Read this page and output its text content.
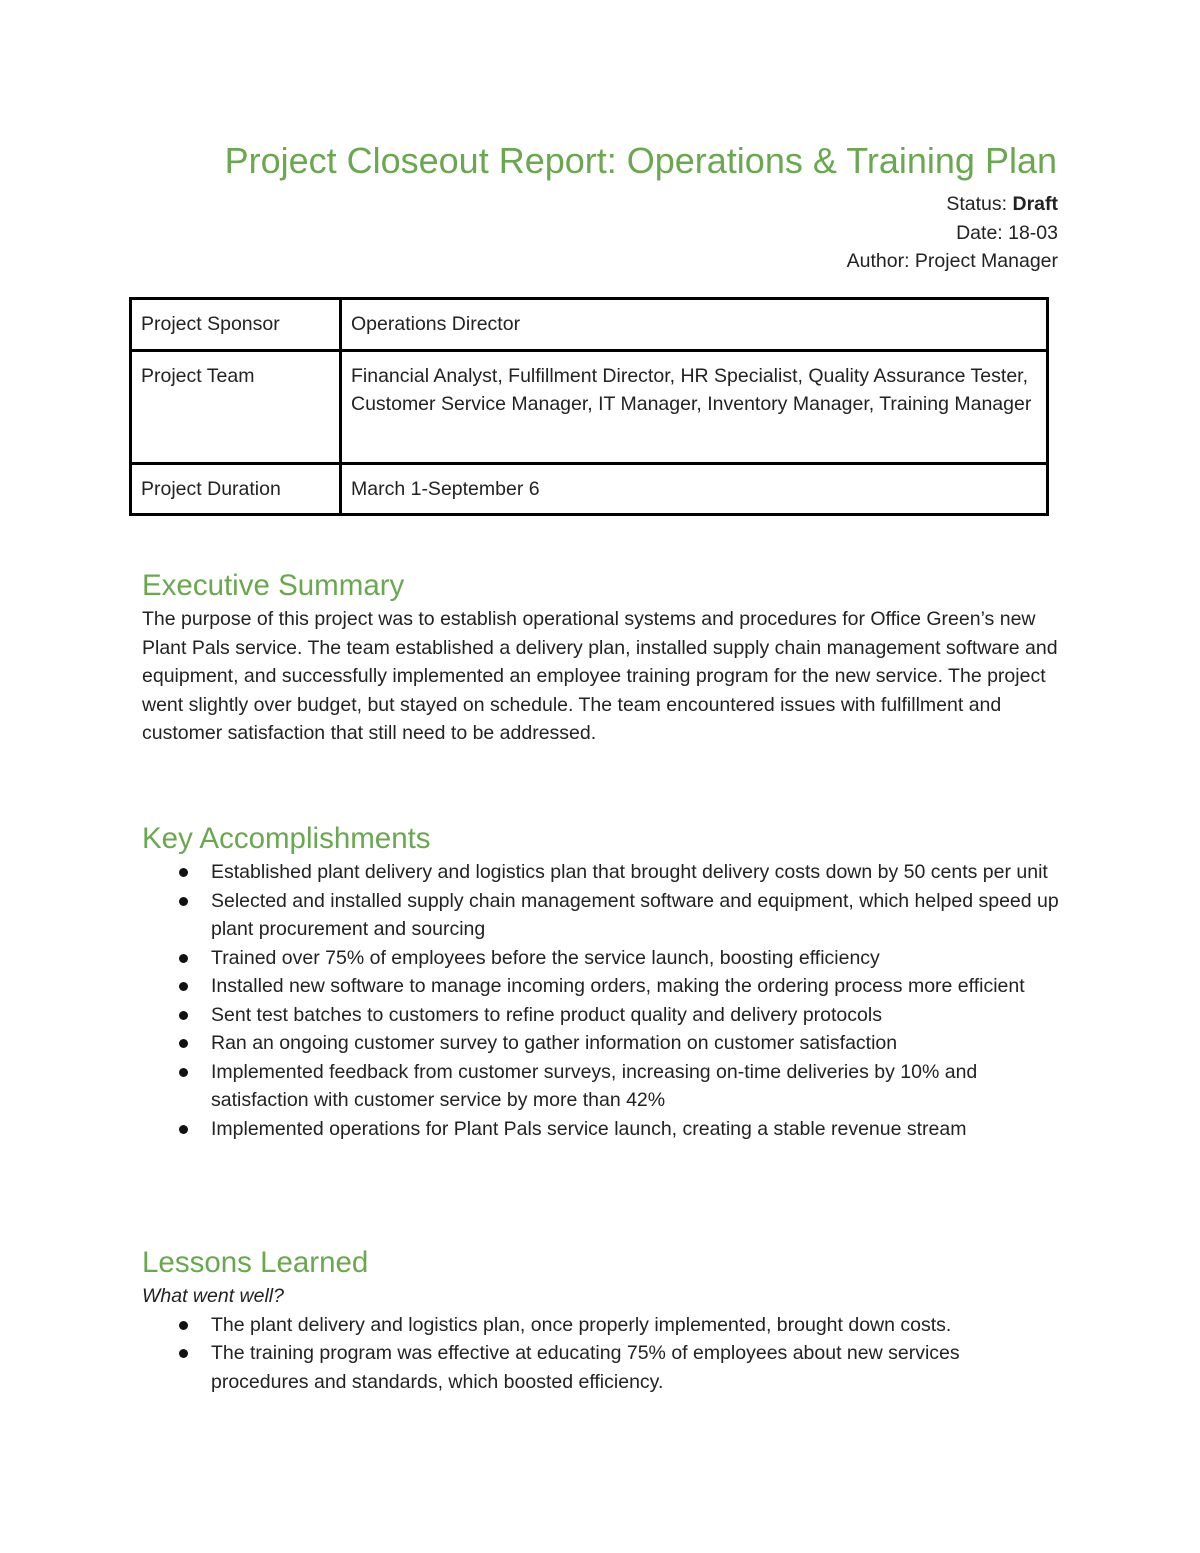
Project Closeout Report: Operations & Training Plan
Status: Draft
Date: 18-03
Author: Project Manager
Project Sponsor	Operations Director
Project Team	Financial Analyst, Fulfillment Director, HR Specialist, Quality Assurance Tester, Customer Service Manager, IT Manager, Inventory Manager, Training Manager
Project Duration	March 1-September 6
Executive Summary

The purpose of this project was to establish operational systems and procedures for Office Green’s new Plant Pals service. The team established a delivery plan, installed supply chain management software and equipment, and successfully implemented an employee training program for the new service. The project went slightly over budget, but stayed on schedule. The team encountered issues with fulfillment and customer satisfaction that still need to be addressed.

Key Accomplishments
Established plant delivery and logistics plan that brought delivery costs down by 50 cents per unit
Selected and installed supply chain management software and equipment, which helped speed up plant procurement and sourcing
Trained over 75% of employees before the service launch, boosting efficiency
Installed new software to manage incoming orders, making the ordering process more efficient
Sent test batches to customers to refine product quality and delivery protocols
Ran an ongoing customer survey to gather information on customer satisfaction
Implemented feedback from customer surveys, increasing on-time deliveries by 10% and satisfaction with customer service by more than 42%
Implemented operations for Plant Pals service launch, creating a stable revenue stream
Lessons Learned

What went well?

The plant delivery and logistics plan, once properly implemented, brought down costs.
The training program was effective at educating 75% of employees about new services procedures and standards, which boosted efficiency.
